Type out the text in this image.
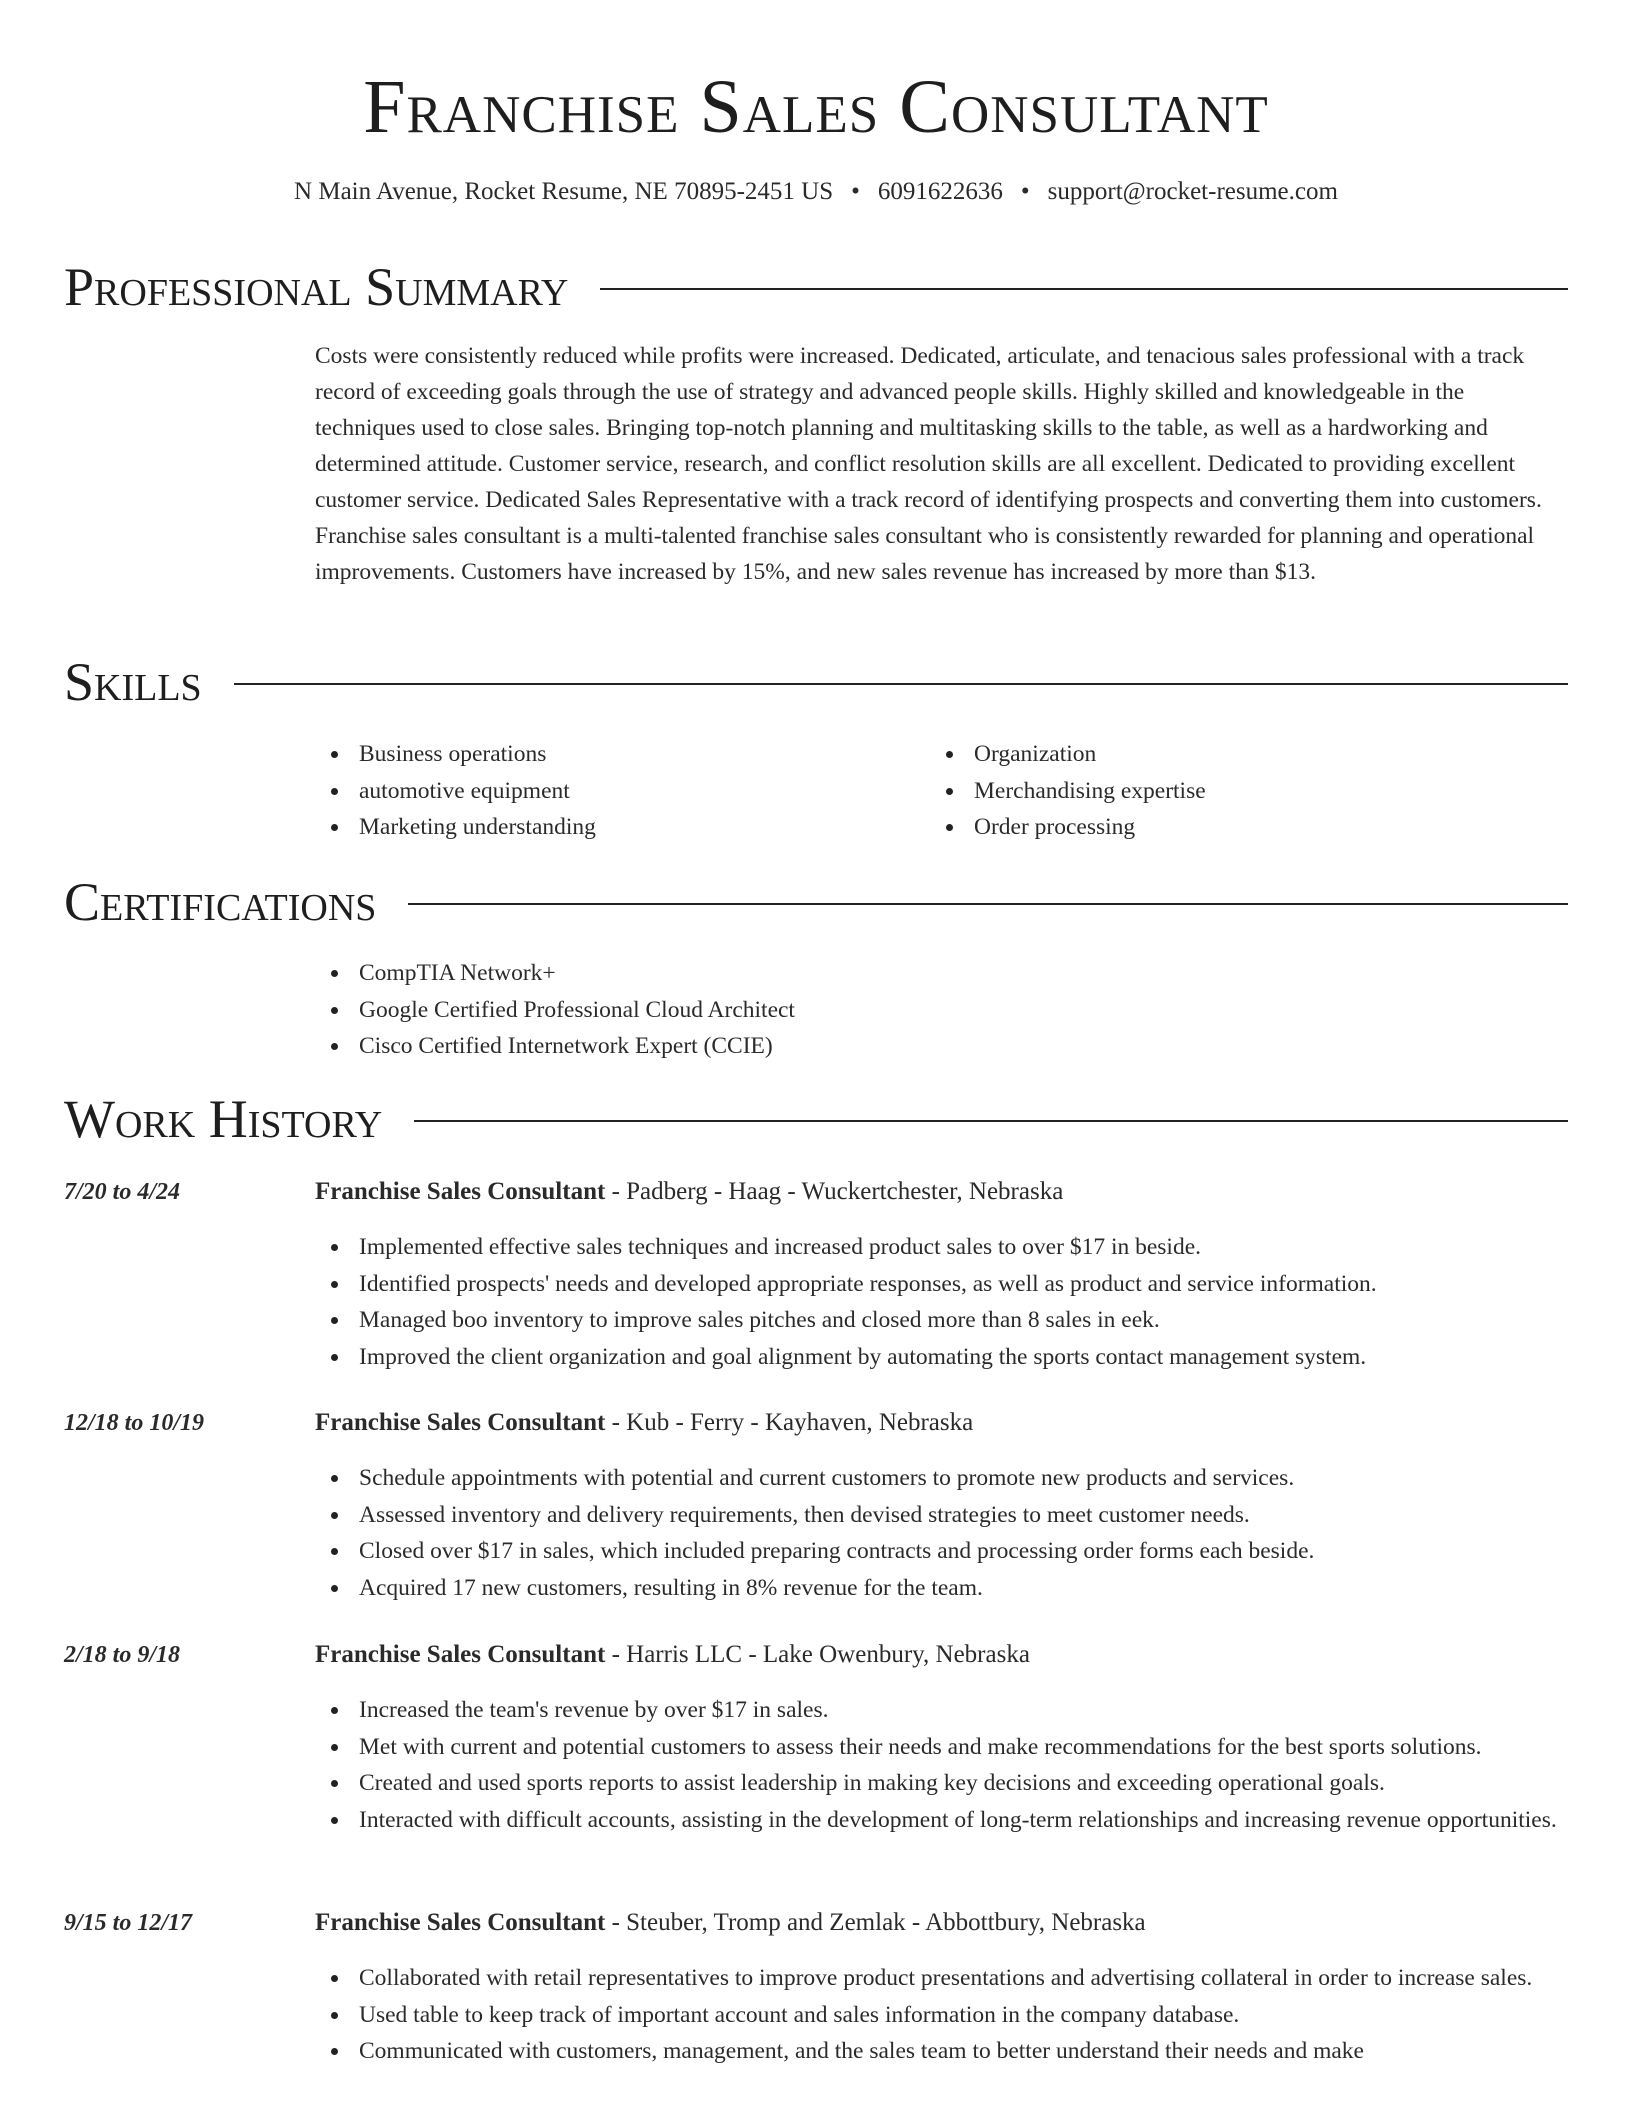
Franchise Sales Consultant
N Main Avenue, Rocket Resume, NE 70895-2451 US • 6091622636 • support@rocket-resume.com
Professional Summary

Costs were consistently reduced while profits were increased. Dedicated, articulate, and tenacious sales professional with a track record of exceeding goals through the use of strategy and advanced people skills. Highly skilled and knowledgeable in the techniques used to close sales. Bringing top-notch planning and multitasking skills to the table, as well as a hardworking and determined attitude. Customer service, research, and conflict resolution skills are all excellent. Dedicated to providing excellent customer service. Dedicated Sales Representative with a track record of identifying prospects and converting them into customers. Franchise sales consultant is a multi-talented franchise sales consultant who is consistently rewarded for planning and operational improvements. Customers have increased by 15%, and new sales revenue has increased by more than $13.

Skills
Business operations
automotive equipment
Marketing understanding
Organization
Merchandising expertise
Order processing
Certifications
CompTIA Network+
Google Certified Professional Cloud Architect
Cisco Certified Internetwork Expert (CCIE)
Work History
7/20 to 4/24	Franchise Sales Consultant - Padberg - Haag - Wuckertchester, Nebraska
Implemented effective sales techniques and increased product sales to over $17 in beside.
Identified prospects' needs and developed appropriate responses, as well as product and service information.
Managed boo inventory to improve sales pitches and closed more than 8 sales in eek.
Improved the client organization and goal alignment by automating the sports contact management system.
12/18 to 10/19	Franchise Sales Consultant - Kub - Ferry - Kayhaven, Nebraska
Schedule appointments with potential and current customers to promote new products and services.
Assessed inventory and delivery requirements, then devised strategies to meet customer needs.
Closed over $17 in sales, which included preparing contracts and processing order forms each beside.
Acquired 17 new customers, resulting in 8% revenue for the team.
2/18 to 9/18	Franchise Sales Consultant - Harris LLC - Lake Owenbury, Nebraska
Increased the team's revenue by over $17 in sales.
Met with current and potential customers to assess their needs and make recommendations for the best sports solutions.
Created and used sports reports to assist leadership in making key decisions and exceeding operational goals.
Interacted with difficult accounts, assisting in the development of long-term relationships and increasing revenue opportunities.
9/15 to 12/17	Franchise Sales Consultant - Steuber, Tromp and Zemlak - Abbottbury, Nebraska
Collaborated with retail representatives to improve product presentations and advertising collateral in order to increase sales.
Used table to keep track of important account and sales information in the company database.
Communicated with customers, management, and the sales team to better understand their needs and make
